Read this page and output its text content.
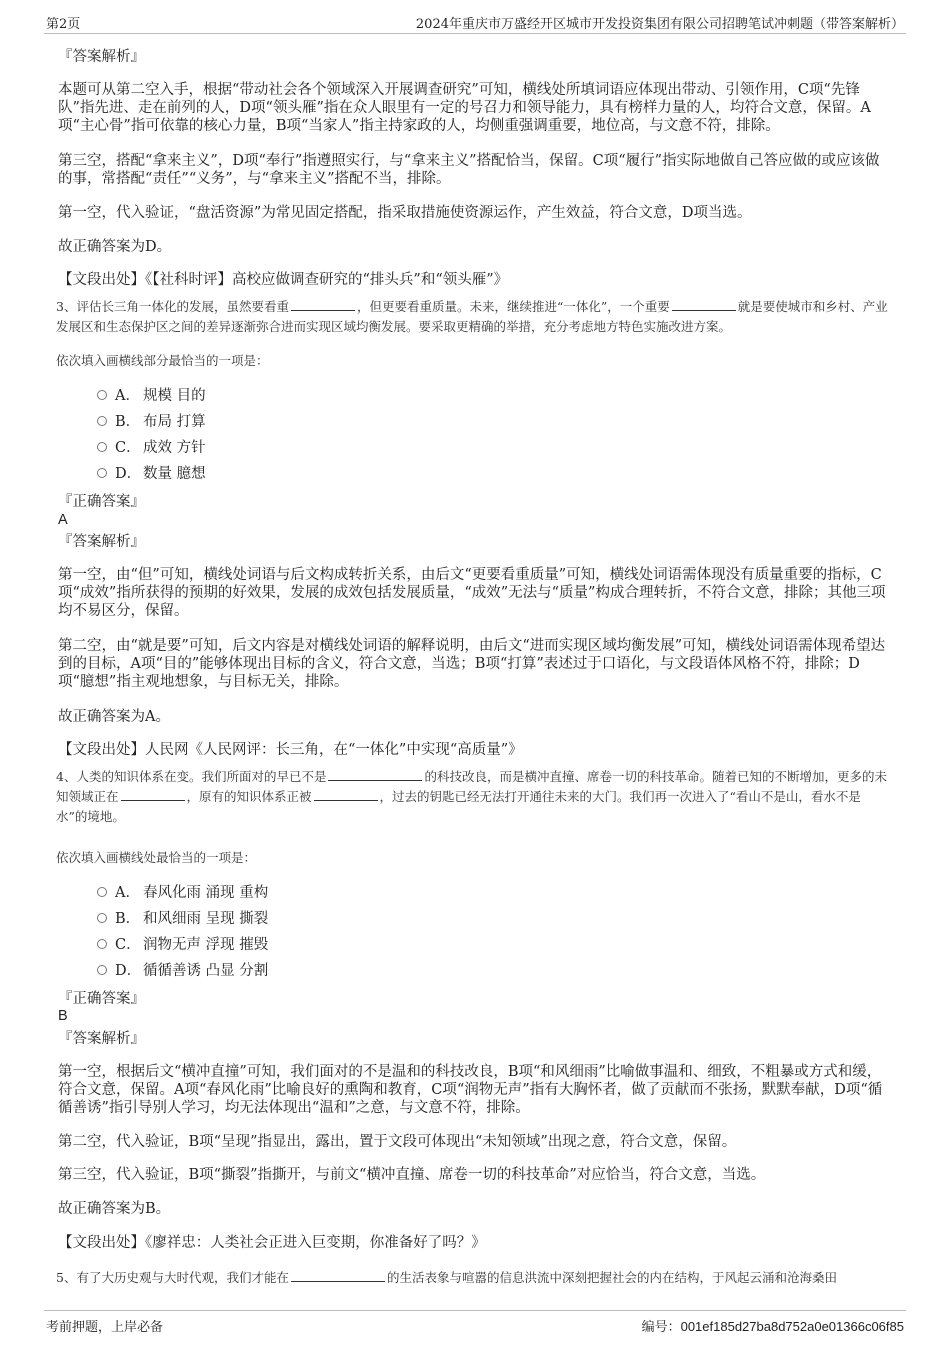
第2页	2024年重庆市万盛经开区城市开发投资集团有限公司招聘笔试冲刺题（带答案解析）
『答案解析』
本题可从第二空入手，根据“带动社会各个领域深入开展调查研究”可知，横线处所填词语应体现出带动、引领作用，C项“先锋队”指先进、走在前列的人，D项“领头雁”指在众人眼里有一定的号召力和领导能力，具有榜样力量的人，均符合文意，保留。A项“主心骨”指可依靠的核心力量，B项“当家人”指主持家政的人，均侧重强调重要，地位高，与文意不符，排除。
第三空，搭配“拿来主义”，D项“奉行”指遵照实行，与“拿来主义”搭配恰当，保留。C项“履行”指实际地做自己答应做的或应该做的事，常搭配“责任”“义务”，与“拿来主义”搭配不当，排除。
第一空，代入验证，“盘活资源”为常见固定搭配，指采取措施使资源运作，产生效益，符合文意，D项当选。
故正确答案为D。
【文段出处】《【社科时评】高校应做调查研究的“排头兵”和“领头雁”》
3、评估长三角一体化的发展，虽然要看重	，但更要看重质量。未来，继续推进“一体化”，一个重要	就是要使城市和乡村、产业发展区和生态保护区之间的差异逐渐弥合进而实现区域均衡发展。要采取更精确的举措，充分考虑地方特色实施改进方案。
依次填入画横线部分最恰当的一项是：
A． 规模 目的
B． 布局 打算
C． 成效 方针
D． 数量 臆想
『正确答案』
A
『答案解析』
第一空，由“但”可知，横线处词语与后文构成转折关系，由后文“更要看重质量”可知，横线处词语需体现没有质量重要的指标，C项“成效”指所获得的预期的好效果，发展的成效包括发展质量，“成效”无法与“质量”构成合理转折，不符合文意，排除；其他三项均不易区分，保留。
第二空，由“就是要”可知，后文内容是对横线处词语的解释说明，由后文“进而实现区域均衡发展”可知，横线处词语需体现希望达到的目标，A项“目的”能够体现出目标的含义，符合文意，当选；B项“打算”表述过于口语化，与文段语体风格不符，排除；D项“臆想”指主观地想象，与目标无关，排除。
故正确答案为A。
【文段出处】人民网《人民网评：长三角，在“一体化”中实现“高质量”》
4、人类的知识体系在变。我们所面对的早已不是	的科技改良，而是横冲直撞、席卷一切的科技革命。随着已知的不断增加，更多的未知领域正在	，原有的知识体系正被	，过去的钥匙已经无法打开通往未来的大门。我们再一次进入了“看山不是山，看水不是水”的境地。
依次填入画横线处最恰当的一项是：
A． 春风化雨 涌现 重构
B． 和风细雨 呈现 撕裂
C． 润物无声 浮现 摧毁
D． 循循善诱 凸显 分割
『正确答案』
B
『答案解析』
第一空，根据后文“横冲直撞”可知，我们面对的不是温和的科技改良，B项“和风细雨”比喻做事温和、细致，不粗暴或方式和缓，符合文意，保留。A项“春风化雨”比喻良好的熏陶和教育，C项“润物无声”指有大胸怀者，做了贡献而不张扬，默默奉献，D项“循循善诱”指引导别人学习，均无法体现出“温和”之意，与文意不符，排除。
第二空，代入验证，B项“呈现”指显出，露出，置于文段可体现出“未知领域”出现之意，符合文意，保留。
第三空，代入验证，B项“撕裂”指撕开，与前文“横冲直撞、席卷一切的科技革命”对应恰当，符合文意，当选。
故正确答案为B。
【文段出处】《廖祥忠：人类社会正进入巨变期，你准备好了吗？》
5、有了大历史观与大时代观，我们才能在	的生活表象与喧嚣的信息洪流中深刻把握社会的内在结构，于风起云涌和沧海桑田
考前押题，上岸必备	编号：001ef185d27ba8d752a0e01366c06f85
